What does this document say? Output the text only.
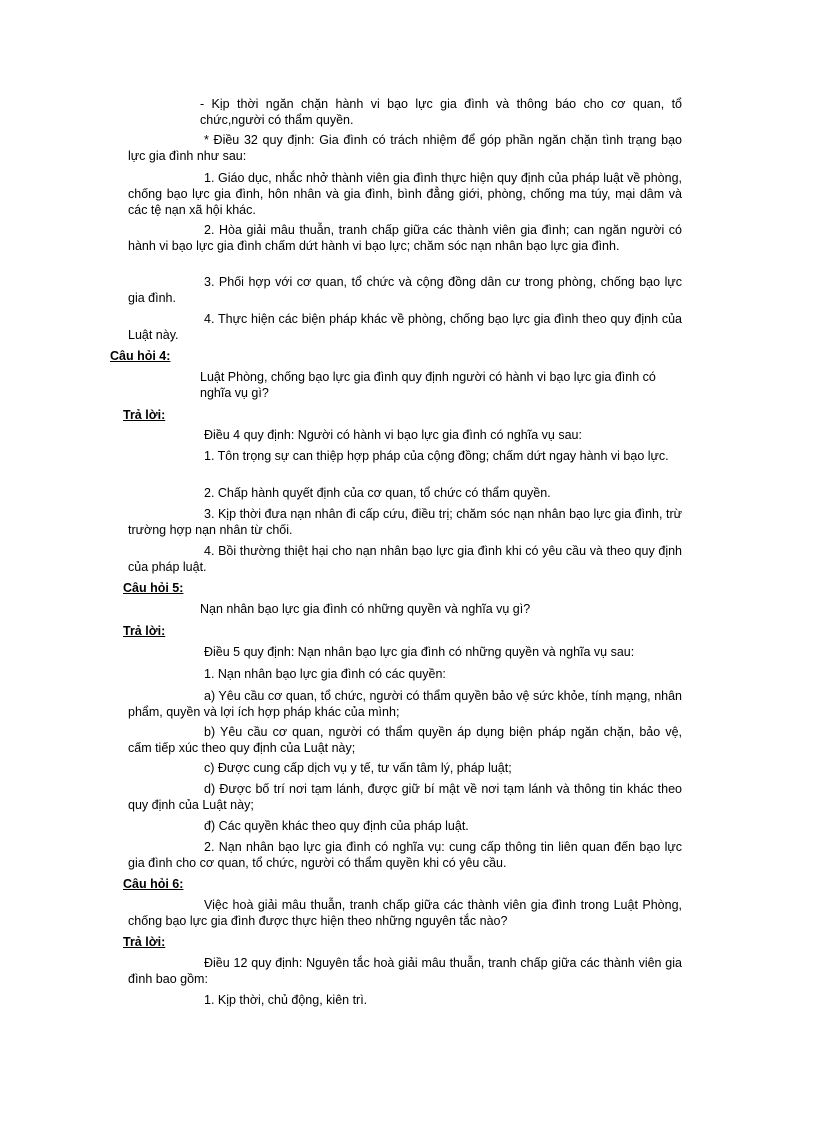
- Kịp thời ngăn chặn hành vi bạo lực gia đình và thông báo cho cơ quan, tổ chức,người có thẩm quyền.
* Điều 32 quy định: Gia đình có trách nhiệm để góp phần ngăn chặn tình trạng bạo lực gia đình như sau:
1. Giáo dục, nhắc nhở thành viên gia đình thực hiện quy định của pháp luật về phòng, chống bạo lực gia đình, hôn nhân và gia đình, bình đẳng giới, phòng, chống ma túy, mại dâm và các tệ nạn xã hội khác.
2. Hòa giải mâu thuẫn, tranh chấp giữa các thành viên gia đình; can ngăn người có hành vi bạo lực gia đình chấm dứt hành vi bạo lực; chăm sóc nạn nhân bạo lực gia đình.
3. Phối hợp với cơ quan, tổ chức và cộng đồng dân cư trong phòng, chống bạo lực gia đình.
4. Thực hiện các biện pháp khác về phòng, chống bạo lực gia đình theo quy định của Luật này.
Câu hỏi 4:
Luật Phòng, chống bạo lực gia đình quy định người có hành vi bạo lực gia đình có nghĩa vụ gì?
Trả lời:
Điều 4 quy định: Người có hành vi bạo lực gia đình có nghĩa vụ sau:
1. Tôn trọng sự can thiệp hợp pháp của cộng đồng; chấm dứt ngay hành vi bạo lực.
2. Chấp hành quyết định của cơ quan, tổ chức có thẩm quyền.
3. Kịp thời đưa nạn nhân đi cấp cứu, điều trị; chăm sóc nạn nhân bạo lực gia đình, trừ trường hợp nạn nhân từ chối.
4. Bồi thường thiệt hại cho nạn nhân bạo lực gia đình khi có yêu cầu và theo quy định của pháp luật.
Câu hỏi 5:
Nạn nhân bạo lực gia đình có những quyền và nghĩa vụ gì?
Trả lời:
Điều 5 quy định: Nạn nhân bạo lực gia đình có những quyền và nghĩa vụ sau:
1. Nạn nhân bạo lực gia đình có các quyền:
a) Yêu cầu cơ quan, tổ chức, người có thẩm quyền bảo vệ sức khỏe, tính mạng, nhân phẩm, quyền và lợi ích hợp pháp khác của mình;
b) Yêu cầu cơ quan, người có thẩm quyền áp dụng biện pháp ngăn chặn, bảo vệ, cấm tiếp xúc theo quy định của Luật này;
c) Được cung cấp dịch vụ y tế, tư vấn tâm lý, pháp luật;
d) Được bố trí nơi tạm lánh, được giữ bí mật về nơi tạm lánh và thông tin khác theo quy định của Luật này;
đ) Các quyền khác theo quy định của pháp luật.
2. Nạn nhân bạo lực gia đình có nghĩa vụ: cung cấp thông tin liên quan đến bạo lực gia đình cho cơ quan, tổ chức, người có thẩm quyền khi có yêu cầu.
Câu hỏi 6:
Việc hoà giải mâu thuẫn, tranh chấp giữa các thành viên gia đình trong Luật Phòng, chống bạo lực gia đình được thực hiện theo những nguyên tắc nào?
Trả lời:
Điều 12 quy định: Nguyên tắc hoà giải mâu thuẫn, tranh chấp giữa các thành viên gia đình bao gồm:
1. Kịp thời, chủ động, kiên trì.
